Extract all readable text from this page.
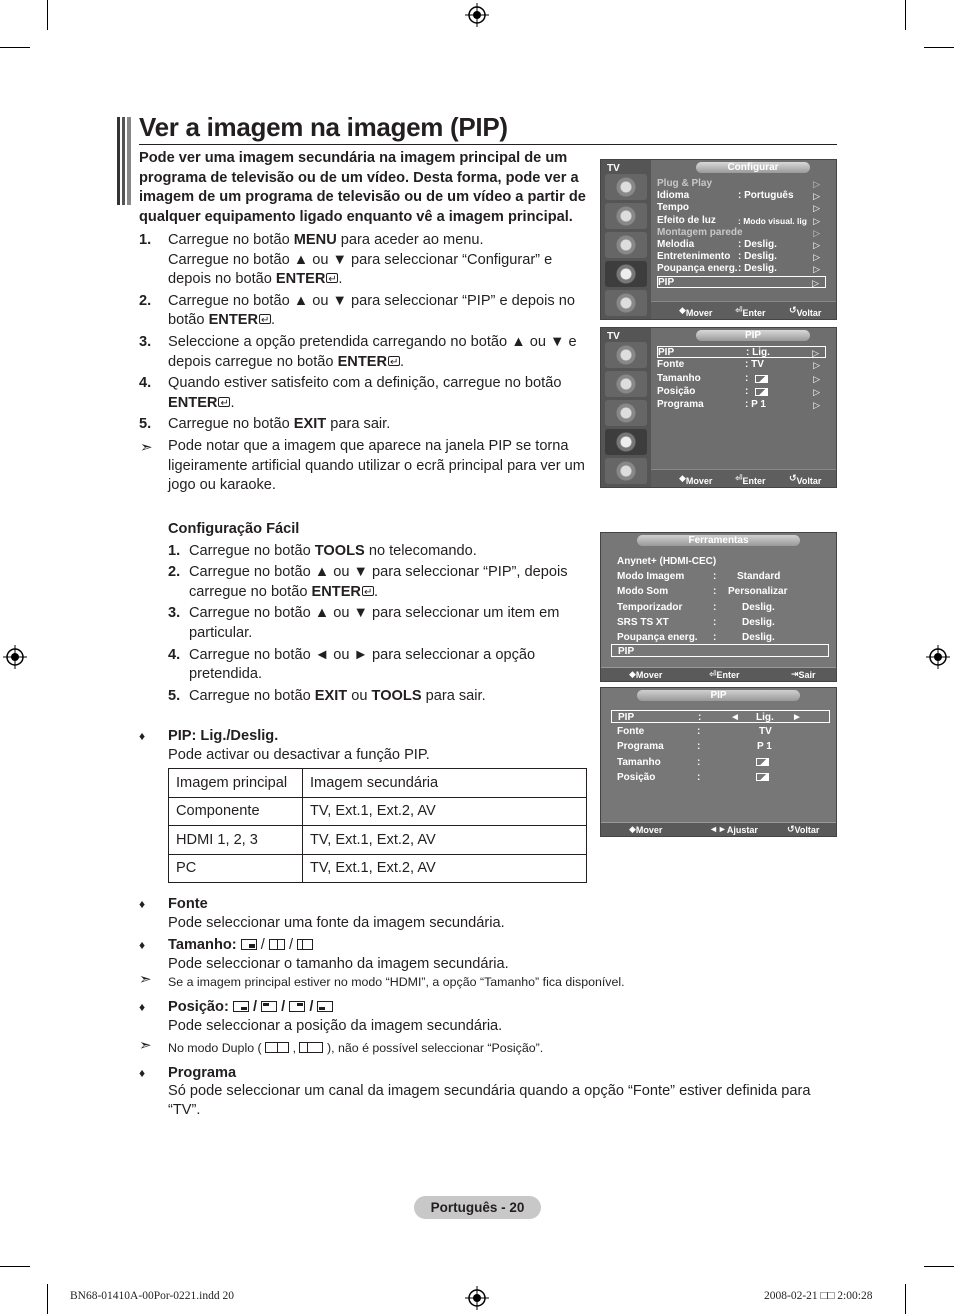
Ver a imagem na imagem (PIP)
Pode ver uma imagem secundária na imagem principal de um programa de televisão ou de um vídeo. Desta forma, pode ver a imagem de um programa de televisão ou de um vídeo a partir de qualquer equipamento ligado enquanto vê a imagem principal.
1. Carregue no botão MENU para aceder ao menu.
Carregue no botão ▲ ou ▼ para seleccionar “Configurar” e depois no botão ENTER ↵ .
2. Carregue no botão ▲ ou ▼ para seleccionar “PIP” e depois no botão ENTER ↵ .
3. Seleccione a opção pretendida carregando no botão ▲ ou ▼ e depois carregue no botão ENTER ↵ .
4. Quando estiver satisfeito com a definição, carregue no botão ENTER ↵ .
5. Carregue no botão EXIT para sair.
➣ Pode notar que a imagem que aparece na janela PIP se torna ligeiramente artificial quando utilizar o ecrã principal para ver um jogo ou karaoke.
Configuração Fácil
1. Carregue no botão TOOLS no telecomando.
2. Carregue no botão ▲ ou ▼ para seleccionar “PIP”, depois carregue no botão ENTER ↵ .
3. Carregue no botão ▲ ou ▼ para seleccionar um item em particular.
4. Carregue no botão ◄ ou ► para seleccionar a opção pretendida.
5. Carregue no botão EXIT ou TOOLS para sair.
♦ PIP: Lig./Deslig.
Pode activar ou desactivar a função PIP.
Imagem principal	Imagem secundária
Componente	TV, Ext.1, Ext.2, AV
HDMI 1, 2, 3	TV, Ext.1, Ext.2, AV
PC	TV, Ext.1, Ext.2, AV
♦ Fonte
Pode seleccionar uma fonte da imagem secundária.
♦ Tamanho: / /
Pode seleccionar o tamanho da imagem secundária.
➣ Se a imagem principal estiver no modo “HDMI”, a opção “Tamanho” fica disponível.
♦ Posição: / / /
Pode seleccionar a posição da imagem secundária.
➣ No modo Duplo ( , ), não é possível seleccionar “Posição”.
♦ Programa
Só pode seleccionar um canal da imagem secundária quando a opção “Fonte” estiver definida para “TV”.
TV	Configurar
Plug & Play	▷
Idioma	: Português ▷
Tempo	▷
Efeito de luz	: Modo visual. lig ▷
Montagem parede	▷
Melodia	: Deslig.	▷
Entretenimento : Deslig.	▷
Poupança energ. : Deslig.	▷
PIP	▷
◆ Mover	⏎ Enter	↺ Voltar
TV	PIP
PIP	: Lig.	▷
Fonte	: TV	▷
Tamanho	:	▷
Posição	:	▷
Programa	: P 1	▷
◆ Mover	⏎ Enter	↺ Voltar
Ferramentas
Anynet+ (HDMI-CEC)
Modo Imagem	: Standard
Modo Som	: Personalizar
Temporizador	:	Deslig.
SRS TS XT	:	Deslig.
Poupança energ. :	Deslig.
PIP
◆ Mover	⏎ Enter	⇥ Sair
PIP
PIP	:	◄	►
Lig.
Fonte	:	TV
Programa	:	P 1
Tamanho	:
Posição	:
◆ Mover	◄► Ajustar	↺ Voltar
Português - 20
BN68-01410A-00Por-0221.indd 20	2008-02-21 □□ 2:00:28
